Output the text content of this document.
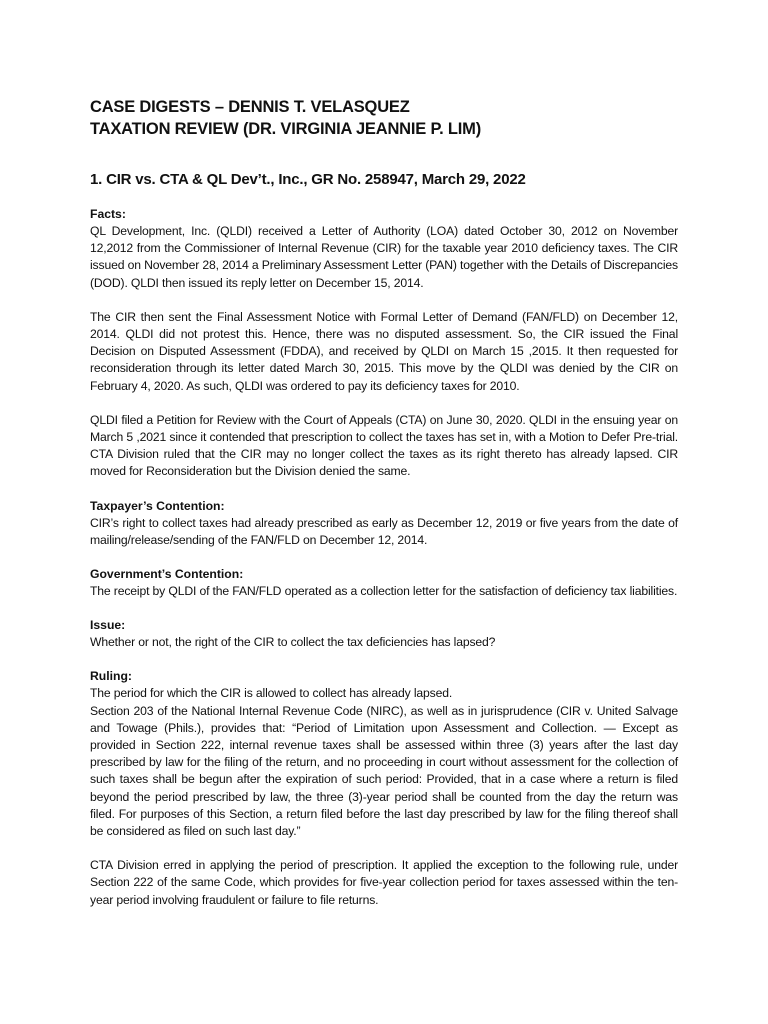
CASE DIGESTS – DENNIS T. VELASQUEZ

TAXATION REVIEW (DR. VIRGINIA JEANNIE P. LIM)

1. CIR vs. CTA & QL Dev’t., Inc., GR No. 258947, March 29, 2022

Facts:

QL Development, Inc. (QLDI) received a Letter of Authority (LOA) dated October 30, 2012 on November 12,2012 from the Commissioner of Internal Revenue (CIR) for the taxable year 2010 deficiency taxes. The CIR issued on November 28, 2014 a Preliminary Assessment Letter (PAN) together with the Details of Discrepancies (DOD). QLDI then issued its reply letter on December 15, 2014.

The CIR then sent the Final Assessment Notice with Formal Letter of Demand (FAN/FLD) on December 12, 2014. QLDI did not protest this. Hence, there was no disputed assessment. So, the CIR issued the Final Decision on Disputed Assessment (FDDA), and received by QLDI on March 15 ,2015. It then requested for reconsideration through its letter dated March 30, 2015. This move by the QLDI was denied by the CIR on February 4, 2020. As such, QLDI was ordered to pay its deficiency taxes for 2010.

QLDI filed a Petition for Review with the Court of Appeals (CTA) on June 30, 2020. QLDI in the ensuing year on March 5 ,2021 since it contended that prescription to collect the taxes has set in, with a Motion to Defer Pre-trial. CTA Division ruled that the CIR may no longer collect the taxes as its right thereto has already lapsed. CIR moved for Reconsideration but the Division denied the same.

Taxpayer’s Contention:

CIR’s right to collect taxes had already prescribed as early as December 12, 2019 or five years from the date of mailing/release/sending of the FAN/FLD on December 12, 2014.

Government’s Contention:

The receipt by QLDI of the FAN/FLD operated as a collection letter for the satisfaction of deficiency tax liabilities.

Issue:

Whether or not, the right of the CIR to collect the tax deficiencies has lapsed?

Ruling:

The period for which the CIR is allowed to collect has already lapsed.

Section 203 of the National Internal Revenue Code (NIRC), as well as in jurisprudence (CIR v. United Salvage and Towage (Phils.), provides that: “Period of Limitation upon Assessment and Collection. — Except as provided in Section 222, internal revenue taxes shall be assessed within three (3) years after the last day prescribed by law for the filing of the return, and no proceeding in court without assessment for the collection of such taxes shall be begun after the expiration of such period: Provided, that in a case where a return is filed beyond the period prescribed by law, the three (3)-year period shall be counted from the day the return was filed. For purposes of this Section, a return filed before the last day prescribed by law for the filing thereof shall be considered as filed on such last day.”

CTA Division erred in applying the period of prescription. It applied the exception to the following rule, under Section 222 of the same Code, which provides for five-year collection period for taxes assessed within the ten-year period involving fraudulent or failure to file returns.
